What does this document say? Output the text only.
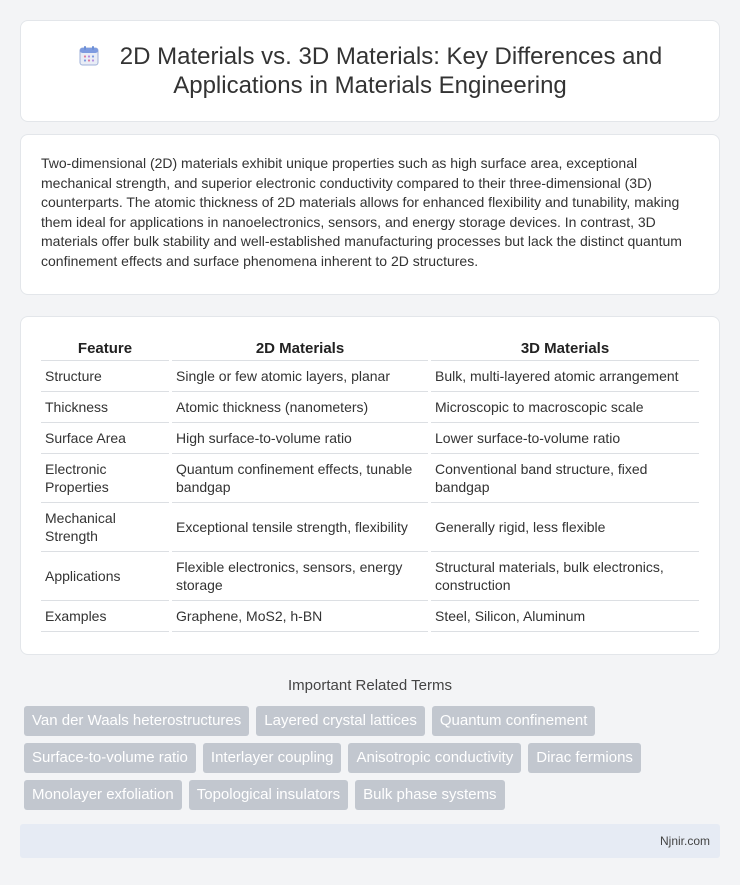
2D Materials vs. 3D Materials: Key Differences and Applications in Materials Engineering

Two-dimensional (2D) materials exhibit unique properties such as high surface area, exceptional mechanical strength, and superior electronic conductivity compared to their three-dimensional (3D) counterparts. The atomic thickness of 2D materials allows for enhanced flexibility and tunability, making them ideal for applications in nanoelectronics, sensors, and energy storage devices. In contrast, 3D materials offer bulk stability and well-established manufacturing processes but lack the distinct quantum confinement effects and surface phenomena inherent to 2D structures.

Feature	2D Materials	3D Materials
Structure	Single or few atomic layers, planar	Bulk, multi-layered atomic arrangement
Thickness	Atomic thickness (nanometers)	Microscopic to macroscopic scale
Surface Area	High surface-to-volume ratio	Lower surface-to-volume ratio
Electronic Properties	Quantum confinement effects, tunable bandgap	Conventional band structure, fixed bandgap
Mechanical Strength	Exceptional tensile strength, flexibility	Generally rigid, less flexible
Applications	Flexible electronics, sensors, energy storage	Structural materials, bulk electronics, construction
Examples	Graphene, MoS2, h-BN	Steel, Silicon, Aluminum
Important Related Terms
Van der Waals heterostructures	Layered crystal lattices	Quantum confinement
Surface-to-volume ratio	Interlayer coupling	Anisotropic conductivity	Dirac fermions
Monolayer exfoliation	Topological insulators	Bulk phase systems
Njnir.com
